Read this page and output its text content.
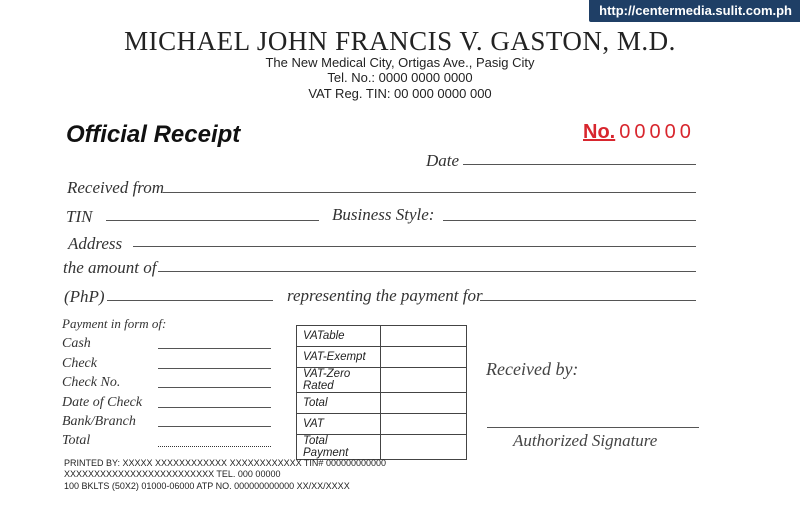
http://centermedia.sulit.com.ph
MICHAEL JOHN FRANCIS V. GASTON, M.D.
The New Medical City, Ortigas Ave., Pasig City
Tel. No.: 0000 0000 0000
VAT Reg. TIN: 00 000 0000 000
Official Receipt	No. 00000
Date
Received from
TIN	Business Style:
Address
the amount of
(PhP)	representing the payment for
Payment in form of:
Cash
Check
Check No.
Date of Check
Bank/Branch
Total
VATable	
VAT-Exempt	
VAT-Zero Rated	
Total	
VAT	
Total Payment	
Received by:
Authorized Signature
PRINTED BY: XXXXX XXXXXXXXXXXX XXXXXXXXXXXX TIN# 000000000000
XXXXXXXXXXXXXXXXXXXXXXXXX TEL. 000 00000
100 BKLTS (50X2) 01000-06000 ATP NO. 000000000000 XX/XX/XXXX
